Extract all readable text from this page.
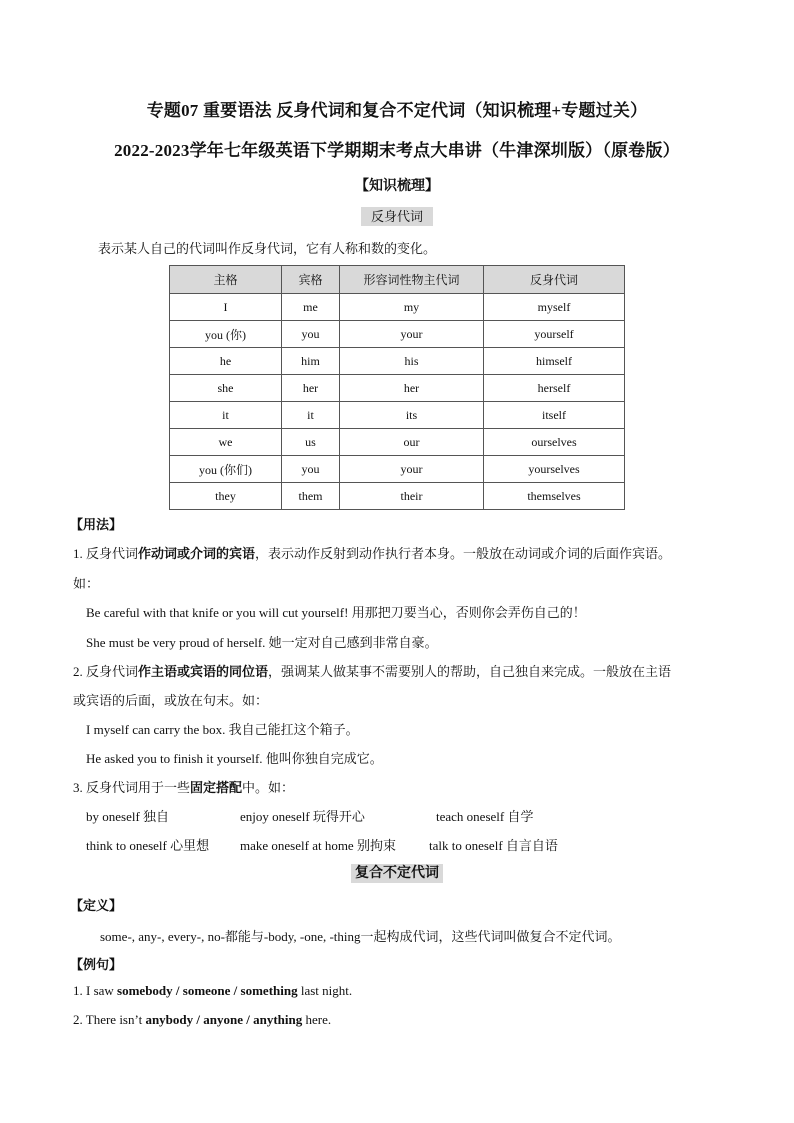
专题07 重要语法 反身代词和复合不定代词（知识梳理+专题过关）
2022-2023学年七年级英语下学期期末考点大串讲（牛津深圳版）（原卷版）
【知识梳理】
反身代词
表示某人自己的代词叫作反身代词，它有人称和数的变化。
主格	宾格	形容词性物主代词	反身代词
I	me	my	myself
you (你)	you	your	yourself
he	him	his	himself
she	her	her	herself
it	it	its	itself
we	us	our	ourselves
you (你们)	you	your	yourselves
they	them	their	themselves
【用法】
1. 反身代词作动词或介词的宾语，表示动作反射到动作执行者本身。一般放在动词或介词的后面作宾语。
如：
Be careful with that knife or you will cut yourself! 用那把刀要当心，否则你会弄伤自己的！
She must be very proud of herself. 她一定对自己感到非常自豪。
2. 反身代词作主语或宾语的同位语，强调某人做某事不需要别人的帮助，自己独自来完成。一般放在主语
或宾语的后面，或放在句末。如：
I myself can carry the box. 我自己能扛这个箱子。
He asked you to finish it yourself. 他叫你独自完成它。
3. 反身代词用于一些固定搭配中。如：
by oneself 独自	enjoy oneself 玩得开心	teach oneself 自学
think to oneself 心里想 make oneself at home 别拘束	talk to oneself 自言自语
复合不定代词
【定义】
some-, any-, every-, no-都能与-body, -one, -thing一起构成代词，这些代词叫做复合不定代词。
【例句】
1. I saw somebody / someone / something last night.
2. There isn’t anybody / anyone / anything here.
